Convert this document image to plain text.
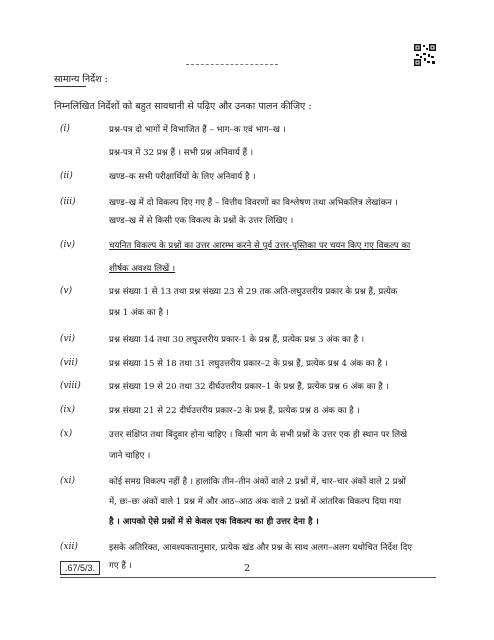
सामान्य निर्देश :
निम्नलिखित निर्देशों को बहुत सावधानी से पढ़िए और उनका पालन कीजिए :
(i)	प्रश्न-पत्र दो भागों में विभाजित हैं – भाग–क एवं भाग–ख ।
प्रश्न-पत्र में 32 प्रश्न हैं । सभी प्रश्न अनिवार्य हैं ।
(ii)	खण्ड–क सभी परीक्षार्थियों के लिए अनिवार्य है ।
(iii)	खण्ड–ख में दो विकल्प दिए गए हैं – वित्तीय विवरणों का विश्लेषण तथा अभिकलित्र लेखांकन ।
खण्ड–ख में से किसी एक विकल्प के प्रश्नों के उत्तर लिखिए ।
(iv)	चयनित विकल्प के प्रश्नों का उत्तर आरम्भ करने से पूर्व उत्तर-पुस्तिका पर चयन किए गए विकल्प का
शीर्षक अवश्य लिखें ।
(v)	प्रश्न संख्या 1 से 13 तथा प्रश्न संख्या 23 से 29 तक अति-लघुउत्तरीय प्रकार के प्रश्न हैं, प्रत्येक
प्रश्न 1 अंक का है ।
(vi)	प्रश्न संख्या 14 तथा 30 लघुउत्तरीय प्रकार-1 के प्रश्न हैं, प्रत्येक प्रश्न 3 अंक का है ।
(vii)	प्रश्न संख्या 15 से 18 तथा 31 लघुउत्तरीय प्रकार–2 के प्रश्न हैं, प्रत्येक प्रश्न 4 अंक का है ।
(viii)	प्रश्न संख्या 19 से 20 तथा 32 दीर्घउत्तरीय प्रकार–1 के प्रश्न हैं, प्रत्येक प्रश्न 6 अंक का है ।
(ix)	प्रश्न संख्या 21 से 22 दीर्घउत्तरीय प्रकार–2 के प्रश्न हैं, प्रत्येक प्रश्न 8 अंक का है ।
(x)	उत्तर संक्षिप्त तथा बिंदुवार होना चाहिए । किसी भाग के सभी प्रश्नों के उत्तर एक ही स्थान पर लिखे
जाने चाहिए ।
(xi)	कोई समग्र विकल्प नहीं है । हालांकि तीन–तीन अंकों वाले 2 प्रश्नों में, चार–चार अंकों वाले 2 प्रश्नों
में, छः–छः अंकों वाले 1 प्रश्न में और आठ–आठ अंक वाले 2 प्रश्नों में आंतरिक विकल्प दिया गया
है । आपको ऐसे प्रश्नों में से केवल एक विकल्प का ही उत्तर देना है ।
(xii)	इसके अतिरिक्त, आवश्यकतानुसार, प्रत्येक खंड और प्रश्न के साथ अलग–अलग यथोचित निर्देश दिए
गए हैं ।
.67/5/3.	2
